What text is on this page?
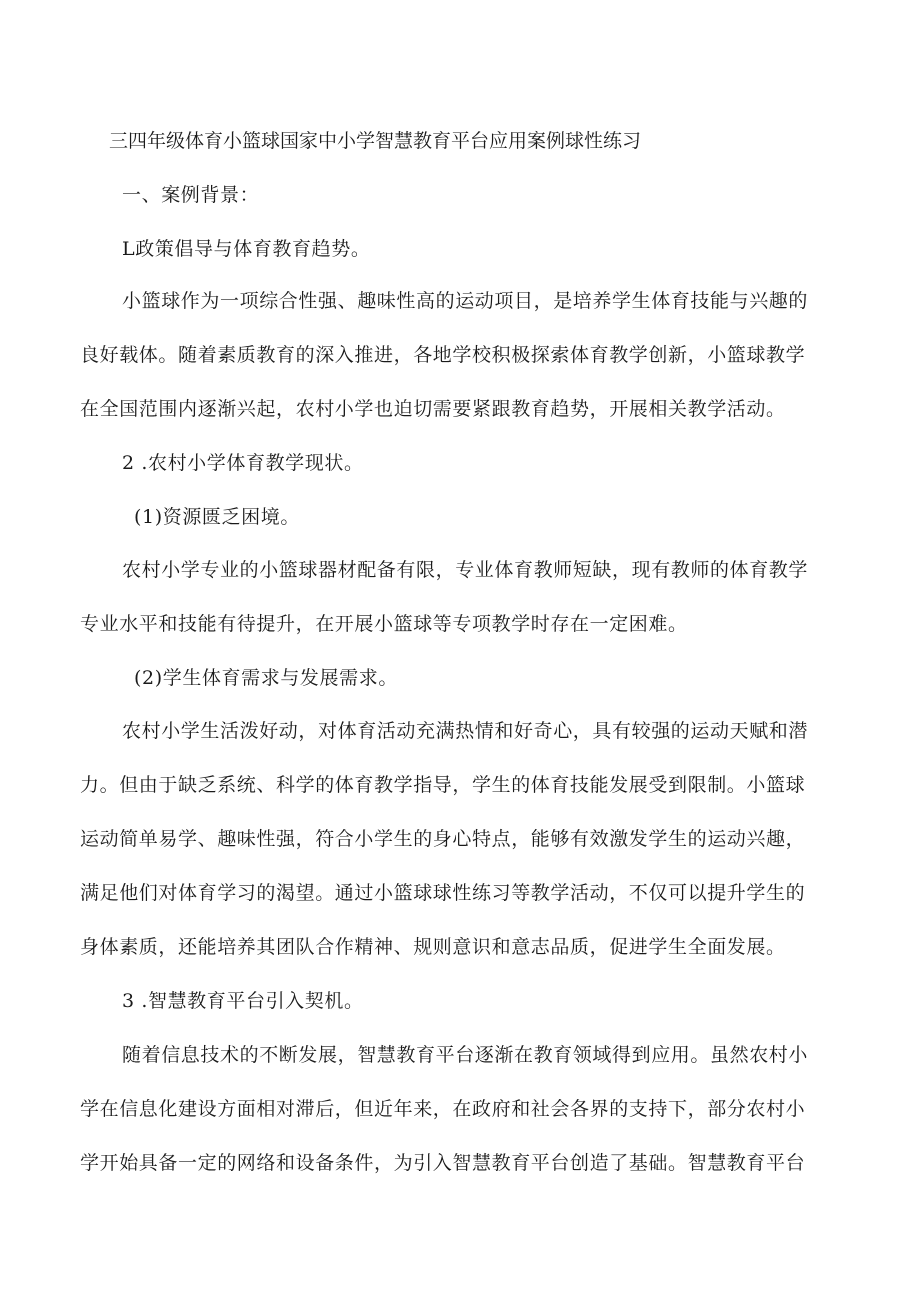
三四年级体育小篮球国家中小学智慧教育平台应用案例球性练习
一、案例背景：
L政策倡导与体育教育趋势。
小篮球作为一项综合性强、趣味性高的运动项目，是培养学生体育技能与兴趣的
良好载体。随着素质教育的深入推进，各地学校积极探索体育教学创新，小篮球教学
在全国范围内逐渐兴起，农村小学也迫切需要紧跟教育趋势，开展相关教学活动。
2 .农村小学体育教学现状。
(1)资源匮乏困境。
农村小学专业的小篮球器材配备有限，专业体育教师短缺，现有教师的体育教学
专业水平和技能有待提升，在开展小篮球等专项教学时存在一定困难。
(2)学生体育需求与发展需求。
农村小学生活泼好动，对体育活动充满热情和好奇心，具有较强的运动天赋和潜
力。但由于缺乏系统、科学的体育教学指导，学生的体育技能发展受到限制。小篮球
运动简单易学、趣味性强，符合小学生的身心特点，能够有效激发学生的运动兴趣，
满足他们对体育学习的渴望。通过小篮球球性练习等教学活动，不仅可以提升学生的
身体素质，还能培养其团队合作精神、规则意识和意志品质，促进学生全面发展。
3 .智慧教育平台引入契机。
随着信息技术的不断发展，智慧教育平台逐渐在教育领域得到应用。虽然农村小
学在信息化建设方面相对滞后，但近年来，在政府和社会各界的支持下，部分农村小
学开始具备一定的网络和设备条件，为引入智慧教育平台创造了基础。智慧教育平台
